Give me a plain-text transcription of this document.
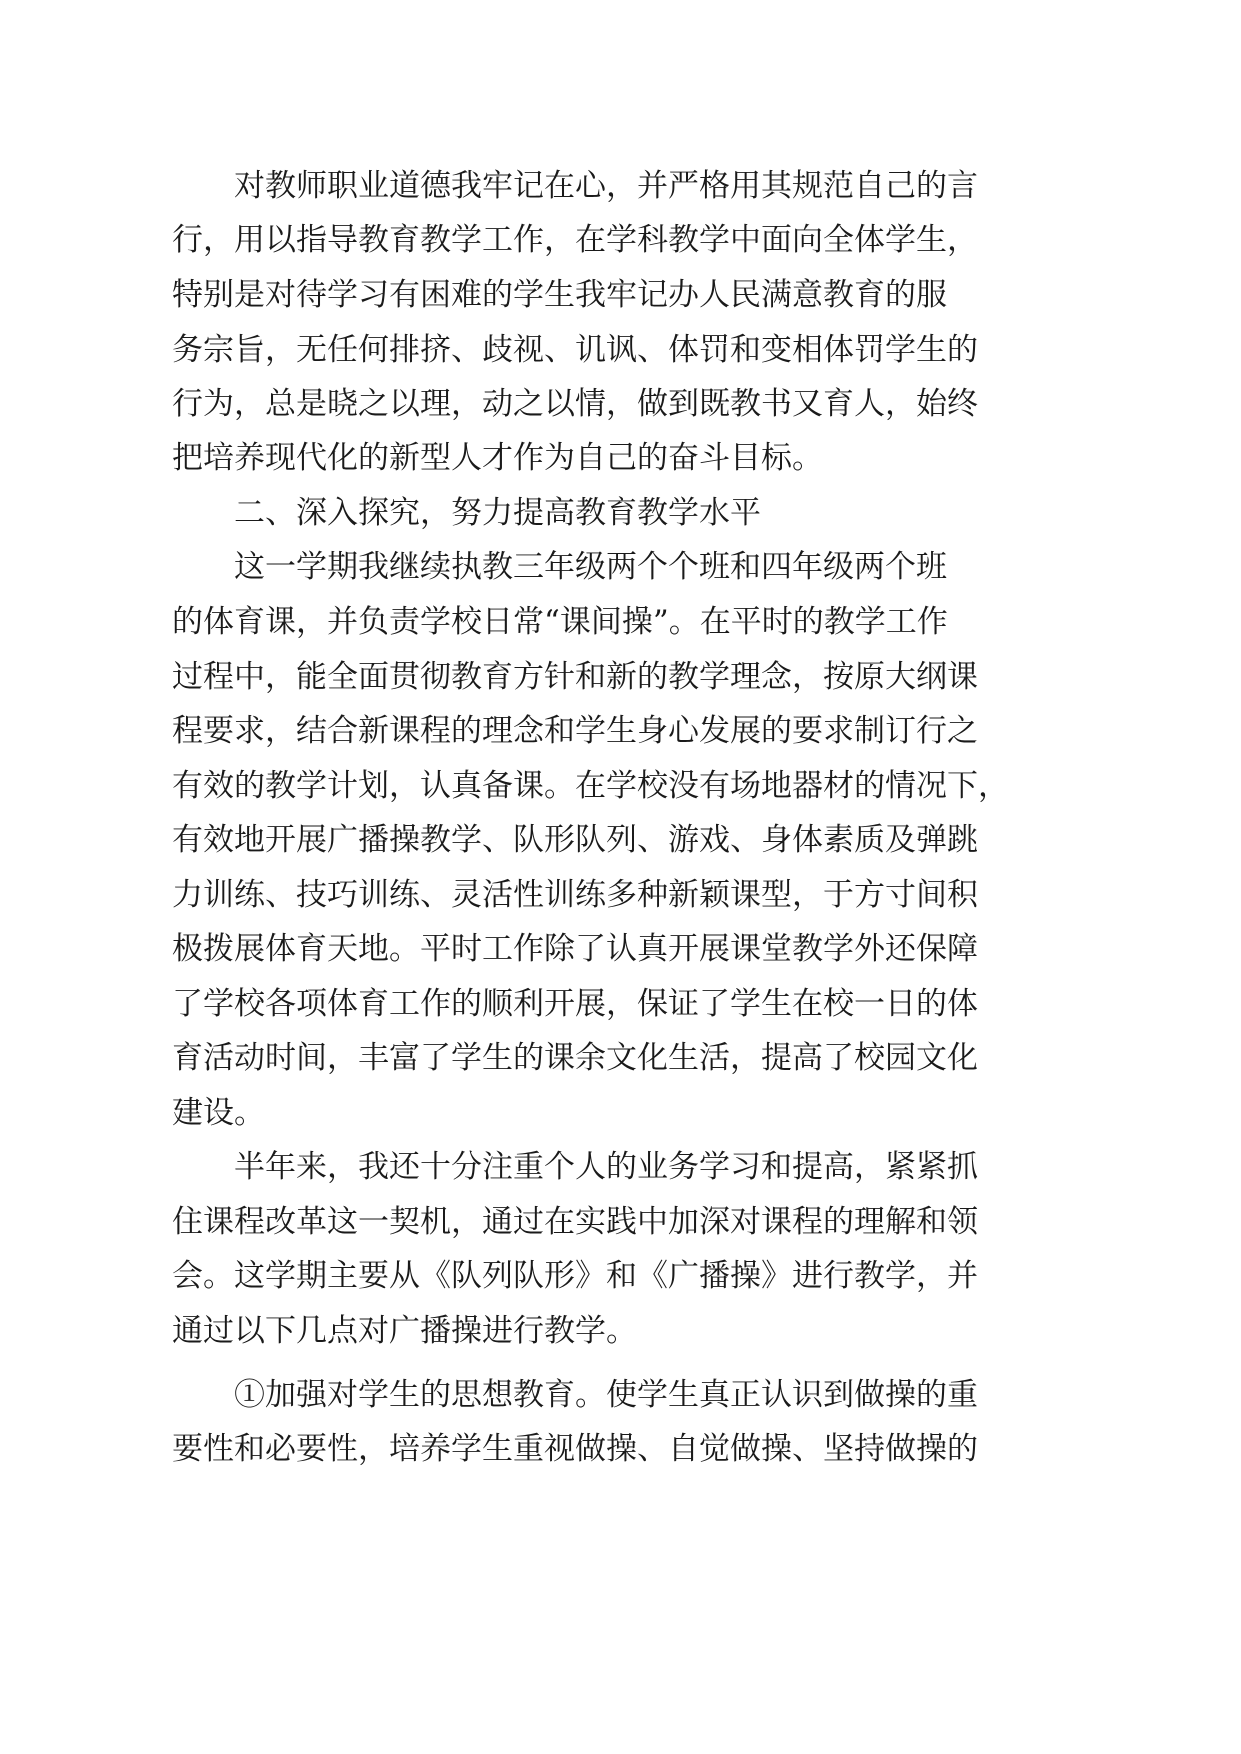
对教师职业道德我牢记在心，并严格用其规范自己的言
行，用以指导教育教学工作，在学科教学中面向全体学生，
特别是对待学习有困难的学生我牢记办人民满意教育的服
务宗旨，无任何排挤、歧视、讥讽、体罚和变相体罚学生的
行为，总是晓之以理，动之以情，做到既教书又育人，始终
把培养现代化的新型人才作为自己的奋斗目标。
二、深入探究，努力提高教育教学水平
这一学期我继续执教三年级两个个班和四年级两个班
的体育课，并负责学校日常“课间操”。在平时的教学工作
过程中，能全面贯彻教育方针和新的教学理念，按原大纲课
程要求，结合新课程的理念和学生身心发展的要求制订行之
有效的教学计划，认真备课。在学校没有场地器材的情况下，
有效地开展广播操教学、队形队列、游戏、身体素质及弹跳
力训练、技巧训练、灵活性训练多种新颖课型，于方寸间积
极拨展体育天地。平时工作除了认真开展课堂教学外还保障
了学校各项体育工作的顺利开展，保证了学生在校一日的体
育活动时间，丰富了学生的课余文化生活，提高了校园文化
建设。
半年来，我还十分注重个人的业务学习和提高，紧紧抓
住课程改革这一契机，通过在实践中加深对课程的理解和领
会。这学期主要从《队列队形》和《广播操》进行教学，并
通过以下几点对广播操进行教学。
①加强对学生的思想教育。使学生真正认识到做操的重
要性和必要性，培养学生重视做操、自觉做操、坚持做操的
